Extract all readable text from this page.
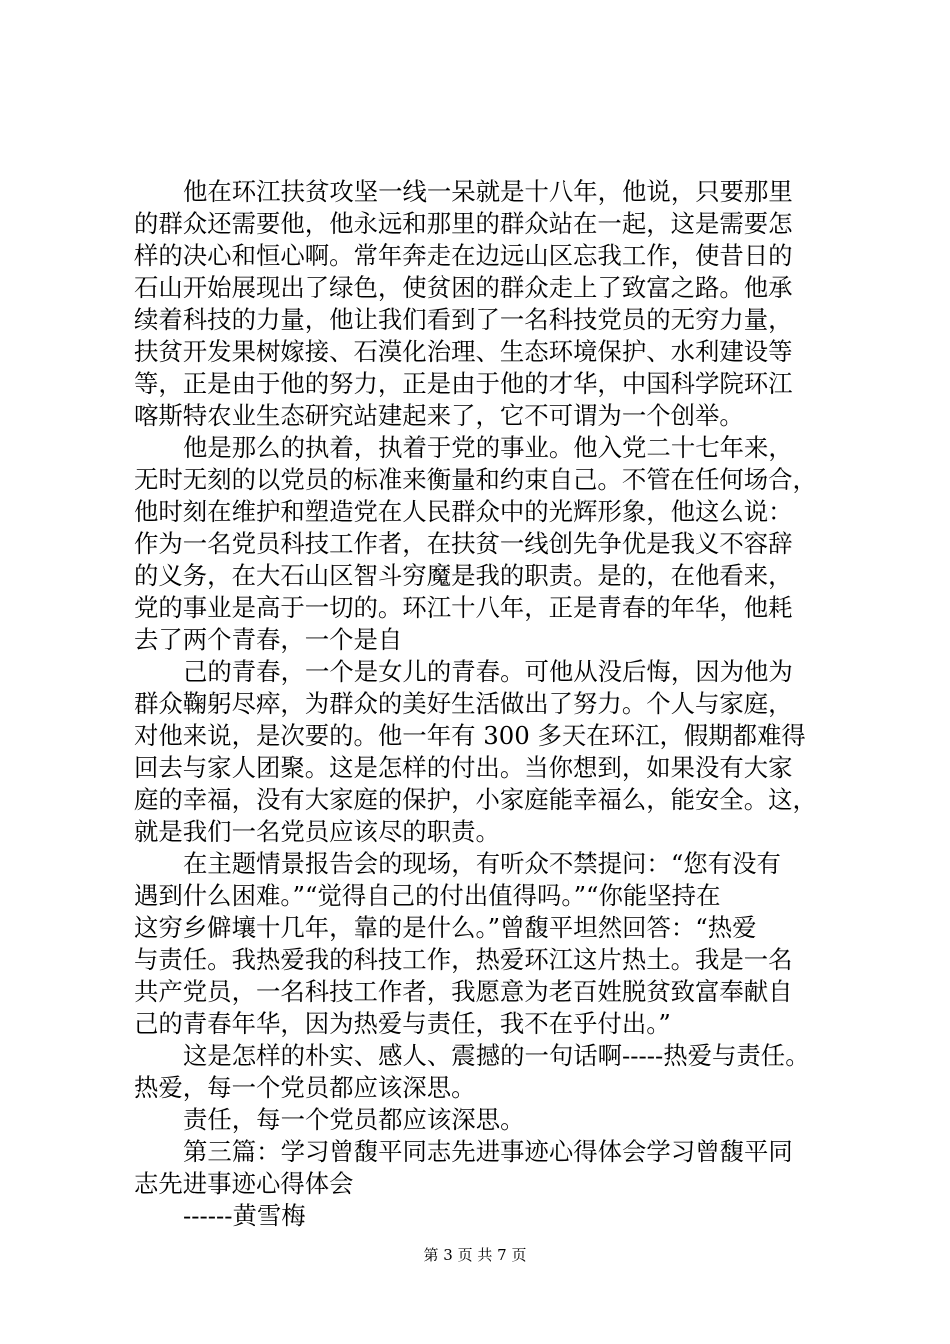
他在环江扶贫攻坚一线一呆就是十八年，他说，只要那里
的群众还需要他，他永远和那里的群众站在一起，这是需要怎
样的决心和恒心啊。常年奔走在边远山区忘我工作，使昔日的
石山开始展现出了绿色，使贫困的群众走上了致富之路。他承
续着科技的力量，他让我们看到了一名科技党员的无穷力量，
扶贫开发果树嫁接、石漠化治理、生态环境保护、水利建设等
等，正是由于他的努力，正是由于他的才华，中国科学院环江
喀斯特农业生态研究站建起来了，它不可谓为一个创举。
他是那么的执着，执着于党的事业。他入党二十七年来，
无时无刻的以党员的标准来衡量和约束自己。不管在任何场合，
他时刻在维护和塑造党在人民群众中的光辉形象，他这么说：
作为一名党员科技工作者，在扶贫一线创先争优是我义不容辞
的义务，在大石山区智斗穷魔是我的职责。是的，在他看来，
党的事业是高于一切的。环江十八年，正是青春的年华，他耗
去了两个青春，一个是自
己的青春，一个是女儿的青春。可他从没后悔，因为他为
群众鞠躬尽瘁，为群众的美好生活做出了努力。个人与家庭，
对他来说，是次要的。他一年有 300 多天在环江，假期都难得
回去与家人团聚。这是怎样的付出。当你想到，如果没有大家
庭的幸福，没有大家庭的保护，小家庭能幸福么，能安全。这，
就是我们一名党员应该尽的职责。
在主题情景报告会的现场，有听众不禁提问：“您有没有
遇到什么困难。”“觉得自己的付出值得吗。”“你能坚持在
这穷乡僻壤十几年，靠的是什么。”曾馥平坦然回答：“热爱
与责任。我热爱我的科技工作，热爱环江这片热土。我是一名
共产党员，一名科技工作者，我愿意为老百姓脱贫致富奉献自
己的青春年华，因为热爱与责任，我不在乎付出。”
这是怎样的朴实、感人、震撼的一句话啊-----热爱与责任。
热爱，每一个党员都应该深思。
责任，每一个党员都应该深思。
第三篇：学习曾馥平同志先进事迹心得体会学习曾馥平同
志先进事迹心得体会
------黄雪梅
第 3 页 共 7 页
